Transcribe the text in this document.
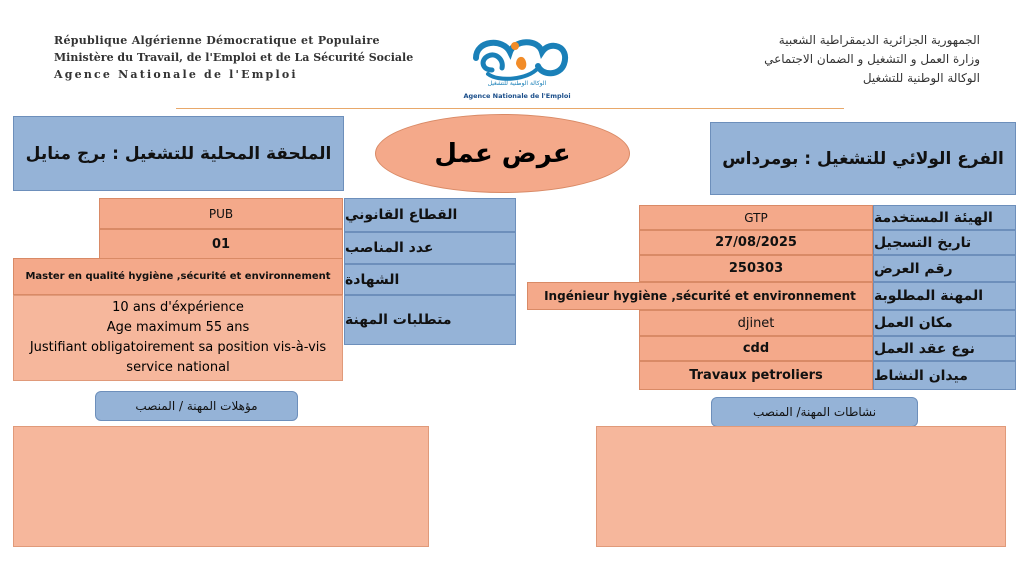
République Algérienne Démocratique et Populaire
Ministère du Travail, de l'Emploi et de La Sécurité Sociale
Agence Nationale de l'Emploi
الوكالة الوطنية للتشغيل
Agence Nationale de l'Emploi
الجمهورية الجزائرية الديمقراطية الشعبية
وزارة العمل و التشغيل و الضمان الاجتماعي
الوكالة الوطنية للتشغيل
الملحقة المحلية للتشغيل : برج منايل	عرض عمل	الفرع الولائي للتشغيل : بومرداس
PUB	القطاع القانوني
01	عدد المناصب
Master en qualité hygiène ,sécurité et environnement	الشهادة
10 ans d'éxpérience
Age maximum 55 ans
Justifiant obligatoirement sa position vis-à-vis service national
متطلبات المهنة
GTP	الهيئة المستخدمة
27/08/2025	تاريخ التسجيل
250303	رقم العرض
Ingénieur hygiène ,sécurité et environnement	المهنة المطلوبة
djinet	مكان العمل
cdd	نوع عقد العمل
Travaux petroliers	ميدان النشاط
مؤهلات المهنة / المنصب	نشاطات المهنة/ المنصب
